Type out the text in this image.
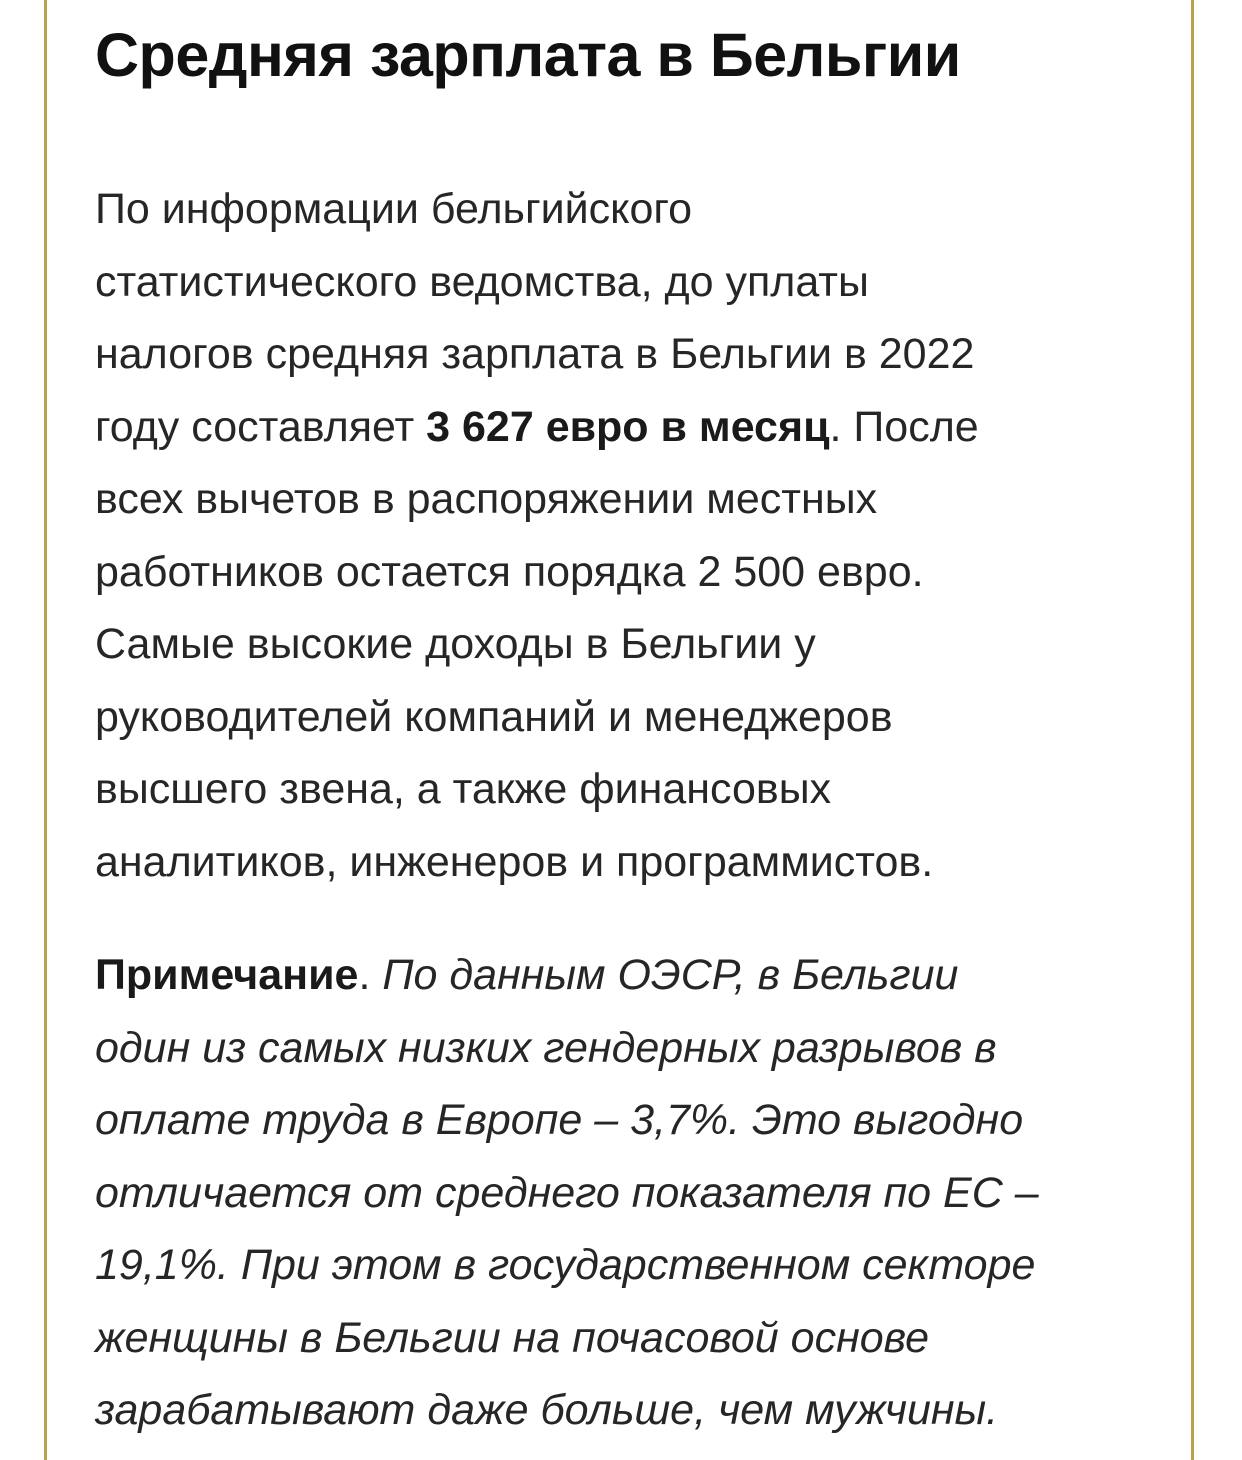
Средняя зарплата в Бельгии

По информации бельгийского
статистического ведомства, до уплаты
налогов средняя зарплата в Бельгии в 2022
году составляет 3 627 евро в месяц. После
всех вычетов в распоряжении местных
работников остается порядка 2 500 евро.
Самые высокие доходы в Бельгии у
руководителей компаний и менеджеров
высшего звена, а также финансовых
аналитиков, инженеров и программистов.

Примечание. По данным ОЭСР, в Бельгии
один из самых низких гендерных разрывов в
оплате труда в Европе – 3,7%. Это выгодно
отличается от среднего показателя по ЕС –
19,1%. При этом в государственном секторе
женщины в Бельгии на почасовой основе
зарабатывают даже больше, чем мужчины.
